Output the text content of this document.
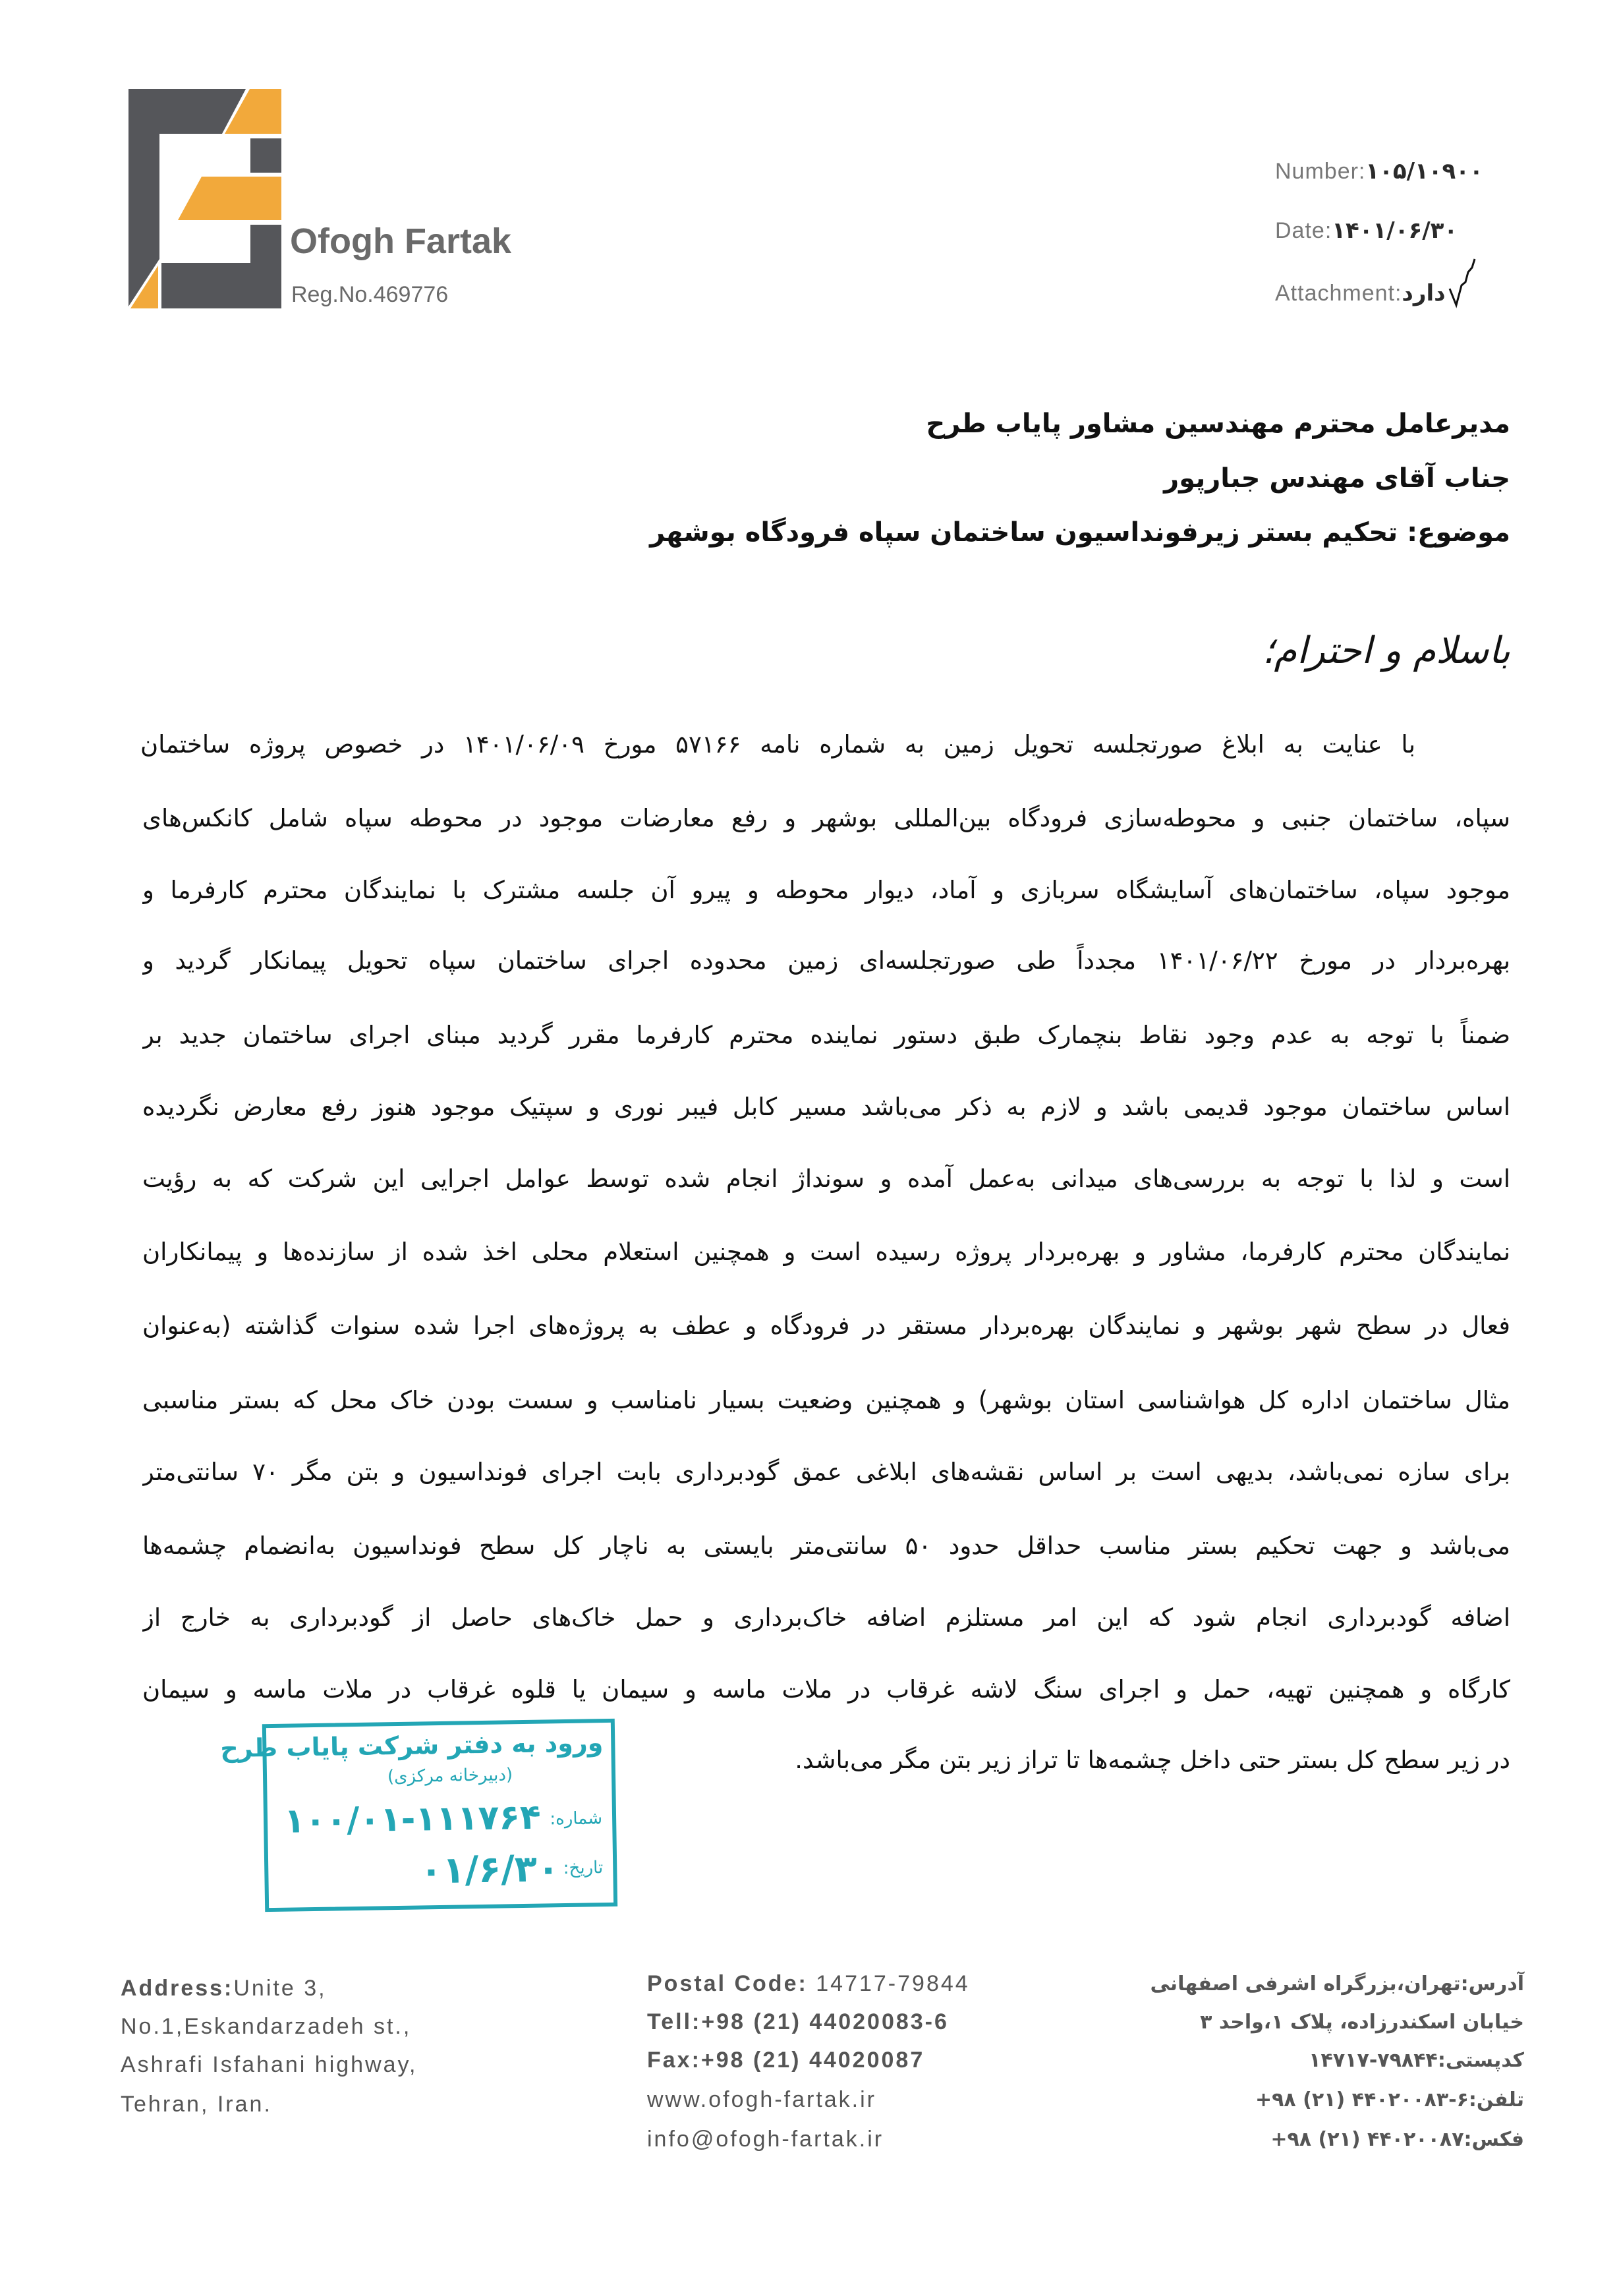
Ofogh Fartak
Reg.No.469776
Number:۱۰۵/۱۰۹۰۰
Date:۱۴۰۱/۰۶/۳۰
Attachment:دارد
مدیرعامل محترم مهندسین مشاور پایاب طرح
جناب آقای مهندس جبارپور
موضوع: تحکیم بستر زیرفونداسیون ساختمان سپاه فرودگاه بوشهر
باسلام و احترام؛
با عنایت به ابلاغ صورتجلسه تحویل زمین به شماره نامه ۵۷۱۶۶ مورخ ۱۴۰۱/۰۶/۰۹ در خصوص پروژه ساختمان
سپاه، ساختمان جنبی و محوطه‌سازی فرودگاه بین‌المللی بوشهر و رفع معارضات موجود در محوطه سپاه شامل کانکس‌های
موجود سپاه، ساختمان‌های آسایشگاه سربازی و آماد، دیوار محوطه و پیرو آن جلسه مشترک با نمایندگان محترم کارفرما و
بهره‌بردار در مورخ ۱۴۰۱/۰۶/۲۲ مجدداً طی صورتجلسه‌ای زمین محدوده اجرای ساختمان سپاه تحویل پیمانکار گردید و
ضمناً با توجه به عدم وجود نقاط بنچمارک طبق دستور نماینده محترم کارفرما مقرر گردید مبنای اجرای ساختمان جدید بر
اساس ساختمان موجود قدیمی باشد و لازم به ذکر می‌باشد مسیر کابل فیبر نوری و سپتیک موجود هنوز رفع معارض نگردیده
است و لذا با توجه به بررسی‌های میدانی به‌عمل آمده و سونداژ انجام شده توسط عوامل اجرایی این شرکت که به رؤیت
نمایندگان محترم کارفرما، مشاور و بهره‌بردار پروژه رسیده است و همچنین استعلام محلی اخذ شده از سازنده‌ها و پیمانکاران
فعال در سطح شهر بوشهر و نمایندگان بهره‌بردار مستقر در فرودگاه و عطف به پروژه‌های اجرا شده سنوات گذاشته (به‌عنوان
مثال ساختمان اداره کل هواشناسی استان بوشهر) و همچنین وضعیت بسیار نامناسب و سست بودن خاک محل که بستر مناسبی
برای سازه نمی‌باشد، بدیهی است بر اساس نقشه‌های ابلاغی عمق گودبرداری بابت اجرای فونداسیون و بتن مگر ۷۰ سانتی‌متر
می‌باشد و جهت تحکیم بستر مناسب حداقل حدود ۵۰ سانتی‌متر بایستی به ناچار کل سطح فونداسیون به‌انضمام چشمه‌ها
اضافه گودبرداری انجام شود که این امر مستلزم اضافه خاک‌برداری و حمل خاک‌های حاصل از گودبرداری به خارج از
کارگاه و همچنین تهیه، حمل و اجرای سنگ لاشه غرقاب در ملات ماسه و سیمان یا قلوه غرقاب در ملات ماسه و سیمان
در زیر سطح کل بستر حتی داخل چشمه‌ها تا تراز زیر بتن مگر می‌باشد.
ورود به دفتر شرکت پایاب طرح
(دبیرخانه مرکزی)
شماره:
۱۰۰/۰۱-۱۱۱۷۶۴
تاریخ:
۰۱/۶/۳۰
Address:Unite 3,
No.1,Eskandarzadeh st.,
Ashrafi Isfahani highway,
Tehran, Iran.
Postal Code: 14717-79844
Tell:+98 (21) 44020083-6
Fax:+98 (21) 44020087
www.ofogh-fartak.ir
info@ofogh-fartak.ir
آدرس:تهران،بزرگراه اشرفی اصفهانی
خیابان اسکندرزاده، پلاک ۱،واحد ۳
کدپستی:۷۹۸۴۴-۱۴۷۱۷
تلفن:۶-۴۴۰۲۰۰۸۳ (۲۱) ۹۸+
فکس:۴۴۰۲۰۰۸۷ (۲۱) ۹۸+
